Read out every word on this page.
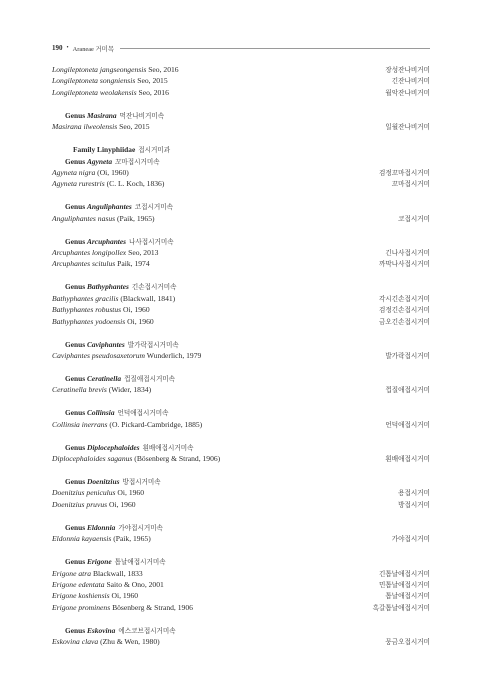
190 • Araneae 거미목
Longileptoneta jangseongensis Seo, 2016	장성잔나비거미
Longileptoneta songniensis Seo, 2015	긴잔나비거미
Longileptoneta weolakensis Seo, 2016	월악잔나비거미
Genus Masirana 먹잔나비거미속
Masirana ilweolensis Seo, 2015	일월잔나비거미
Family Linyphiidae 접시거미과
Genus Agyneta 꼬마접시거미속
Agyneta nigra (Oi, 1960)	검정꼬마접시거미
Agyneta rurestris (C. L. Koch, 1836)	꼬마접시거미
Genus Anguliphantes 코접시거미속
Anguliphantes nasus (Paik, 1965)	코접시거미
Genus Arcuphantes 나사접시거미속
Arcuphantes longipollex Seo, 2013	긴나사접시거미
Arcuphantes scitulus Paik, 1974	까막나사접시거미
Genus Bathyphantes 긴손접시거미속
Bathyphantes gracilis (Blackwall, 1841)	각시긴손접시거미
Bathyphantes robustus Oi, 1960	검정긴손접시거미
Bathyphantes yodoensis Oi, 1960	금오긴손접시거미
Genus Caviphantes 발가락접시거미속
Caviphantes pseudosaxetorum Wunderlich, 1979	발가락접시거미
Genus Ceratinella 껍질애접시거미속
Ceratinella brevis (Wider, 1834)	껍질애접시거미
Genus Collinsia 언덕애접시거미속
Collinsia inerrans (O. Pickard-Cambridge, 1885)	언덕애접시거미
Genus Diplocephaloides 흰배애접시거미속
Diplocephaloides saganus (Bösenberg & Strand, 1906)	흰배애접시거미
Genus Doenitzius 방접시거미속
Doenitzius peniculus Oi, 1960	용접시거미
Doenitzius pruvus Oi, 1960	방접시거미
Genus Eldonnia 가야접시거미속
Eldonnia kayaensis (Paik, 1965)	가야접시거미
Genus Erigone 톱날애접시거미속
Erigone atra Blackwall, 1833	긴톱날애접시거미
Erigone edentata Saito & Ono, 2001	민톱날애접시거미
Erigone koshiensis Oi, 1960	톱날애접시거미
Erigone prominens Bösenberg & Strand, 1906	흑갈톱날애접시거미
Genus Eskovina 에스코브접시거미속
Eskovina clava (Zhu & Wen, 1980)	뭉금오접시거미
